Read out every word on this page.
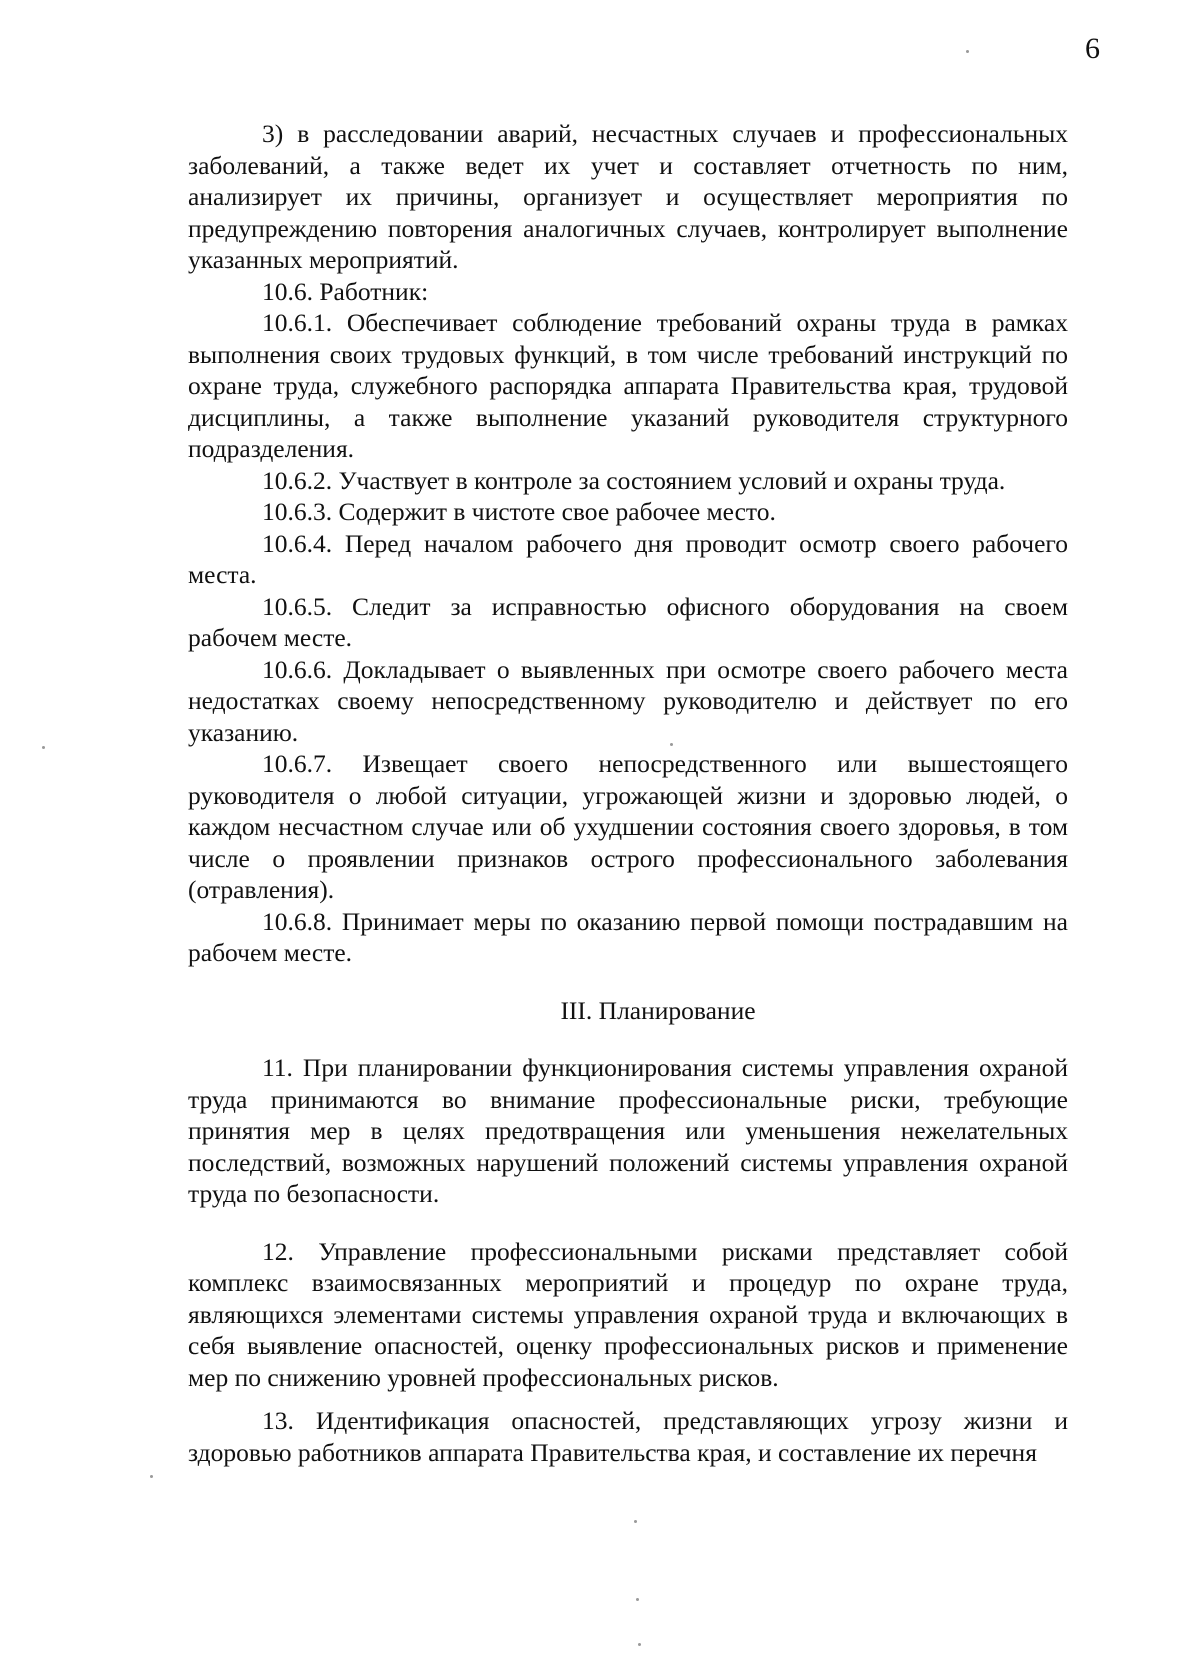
6

3) в расследовании аварий, несчастных случаев и профессиональных заболеваний, а также ведет их учет и составляет отчетность по ним, анализирует их причины, организует и осуществляет мероприятия по предупреждению повторения аналогичных случаев, контролирует выполнение указанных мероприятий.

10.6. Работник:

10.6.1. Обеспечивает соблюдение требований охраны труда в рамках выполнения своих трудовых функций, в том числе требований инструкций по охране труда, служебного распорядка аппарата Правительства края, трудовой дисциплины, а также выполнение указаний руководителя структурного подразделения.

10.6.2. Участвует в контроле за состоянием условий и охраны труда.

10.6.3. Содержит в чистоте свое рабочее место.

10.6.4. Перед началом рабочего дня проводит осмотр своего рабочего места.

10.6.5. Следит за исправностью офисного оборудования на своем рабочем месте.

10.6.6. Докладывает о выявленных при осмотре своего рабочего места недостатках своему непосредственному руководителю и действует по его указанию.

10.6.7. Извещает своего непосредственного или вышестоящего руководителя о любой ситуации, угрожающей жизни и здоровью людей, о каждом несчастном случае или об ухудшении состояния своего здоровья, в том числе о проявлении признаков острого профессионального заболевания (отравления).

10.6.8. Принимает меры по оказанию первой помощи пострадавшим на рабочем месте.

III. Планирование

11. При планировании функционирования системы управления охраной труда принимаются во внимание профессиональные риски, требующие принятия мер в целях предотвращения или уменьшения нежелательных последствий, возможных нарушений положений системы управления охраной труда по безопасности.

12. Управление профессиональными рисками представляет собой комплекс взаимосвязанных мероприятий и процедур по охране труда, являющихся элементами системы управления охраной труда и включающих в себя выявление опасностей, оценку профессиональных рисков и применение мер по снижению уровней профессиональных рисков.

13. Идентификация опасностей, представляющих угрозу жизни и здоровью работников аппарата Правительства края, и составление их перечня
